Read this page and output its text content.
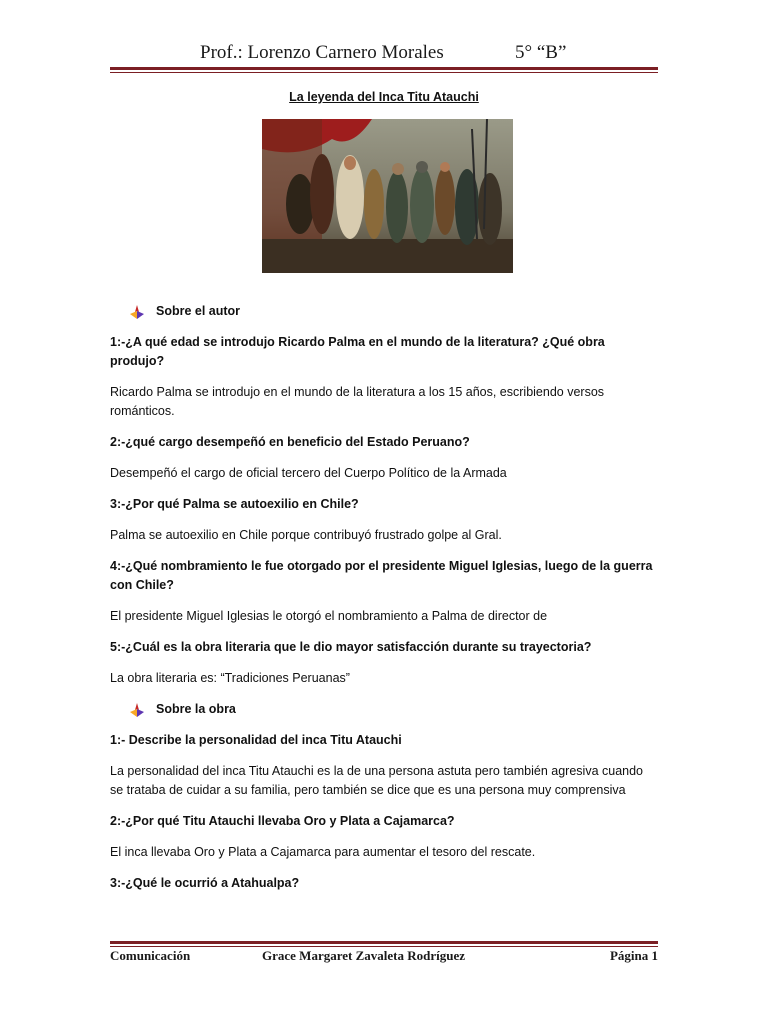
Prof.: Lorenzo Carnero Morales	5° “B”
La leyenda del Inca Titu Atauchi
Sobre el autor

1:-¿A qué edad se introdujo Ricardo Palma en el mundo de la literatura? ¿Qué obra produjo?

Ricardo Palma se introdujo en el mundo de la literatura a los 15 años, escribiendo versos románticos.

2:-¿qué cargo desempeñó en beneficio del Estado Peruano?

Desempeñó el cargo de oficial tercero del Cuerpo Político de la Armada

3:-¿Por qué Palma se autoexilio en Chile?

Palma se autoexilio en Chile porque contribuyó frustrado golpe al Gral.

4:-¿Qué nombramiento le fue otorgado por el presidente Miguel Iglesias, luego de la guerra con Chile?

El presidente Miguel Iglesias le otorgó el nombramiento a Palma de director de

5:-¿Cuál es la obra literaria que le dio mayor satisfacción durante su trayectoria?

La obra literaria es: “Tradiciones Peruanas”

Sobre la obra

1:- Describe la personalidad del inca Titu Atauchi

La personalidad del inca Titu Atauchi es la de una persona astuta pero también agresiva cuando se trataba de cuidar a su familia, pero también se dice que es una persona muy comprensiva

2:-¿Por qué Titu Atauchi llevaba Oro y Plata a Cajamarca?

El inca llevaba Oro y Plata a Cajamarca para aumentar el tesoro del rescate.

3:-¿Qué le ocurrió a Atahualpa?

Comunicación	Grace Margaret Zavaleta Rodríguez	Página 1
